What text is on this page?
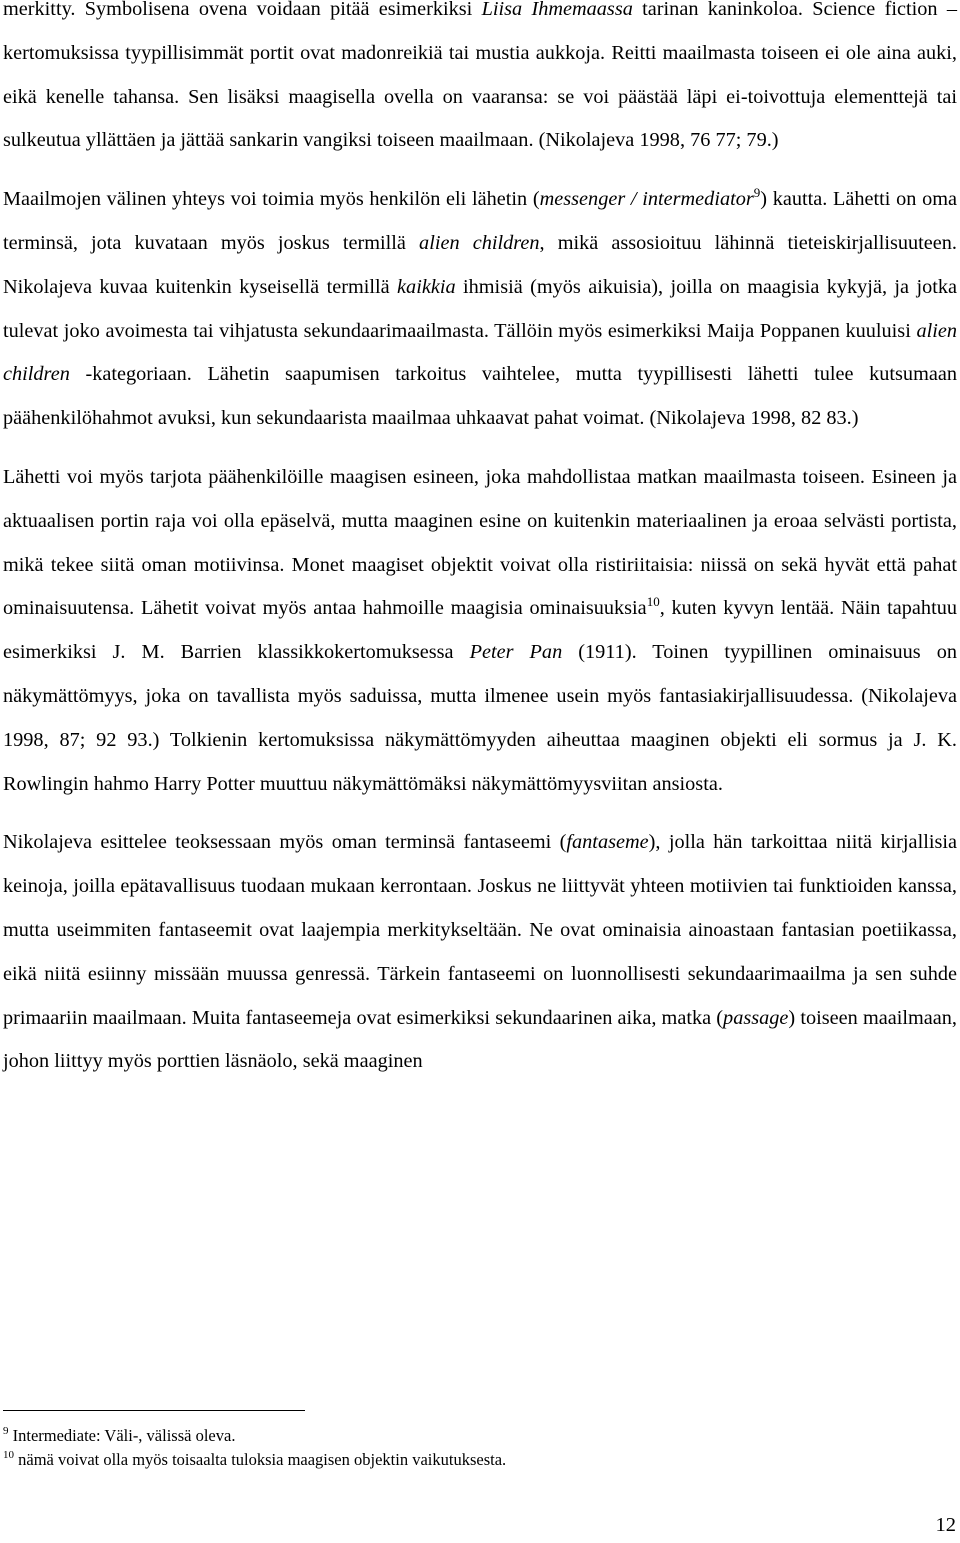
merkitty. Symbolisena ovena voidaan pitää esimerkiksi Liisa Ihmemaassa tarinan kaninkoloa. Science fiction – kertomuksissa tyypillisimmät portit ovat madonreikiä tai mustia aukkoja. Reitti maailmasta toiseen ei ole aina auki, eikä kenelle tahansa. Sen lisäksi maagisella ovella on vaaransa: se voi päästää läpi ei-toivottuja elementtejä tai sulkeutua yllättäen ja jättää sankarin vangiksi toiseen maailmaan. (Nikolajeva 1998, 76 77; 79.)

Maailmojen välinen yhteys voi toimia myös henkilön eli lähetin (messenger / intermediator$^9$) kautta. Lähetti on oma terminsä, jota kuvataan myös joskus termillä alien children, mikä assosioituu lähinnä tieteiskirjallisuuteen. Nikolajeva kuvaa kuitenkin kyseisellä termillä kaikkia ihmisiä (myös aikuisia), joilla on maagisia kykyjä, ja jotka tulevat joko avoimesta tai vihjatusta sekundaarimaailmasta. Tällöin myös esimerkiksi Maija Poppanen kuuluisi alien children -kategoriaan. Lähetin saapumisen tarkoitus vaihtelee, mutta tyypillisesti lähetti tulee kutsumaan päähenkilöhahmot avuksi, kun sekundaarista maailmaa uhkaavat pahat voimat. (Nikolajeva 1998, 82 83.)

Lähetti voi myös tarjota päähenkilöille maagisen esineen, joka mahdollistaa matkan maailmasta toiseen. Esineen ja aktuaalisen portin raja voi olla epäselvä, mutta maaginen esine on kuitenkin materiaalinen ja eroaa selvästi portista, mikä tekee siitä oman motiivinsa. Monet maagiset objektit voivat olla ristiriitaisia: niissä on sekä hyvät että pahat ominaisuutensa. Lähetit voivat myös antaa hahmoille maagisia ominaisuuksia$^{10}$, kuten kyvyn lentää. Näin tapahtuu esimerkiksi J. M. Barrien klassikkokertomuksessa Peter Pan (1911). Toinen tyypillinen ominaisuus on näkymättömyys, joka on tavallista myös saduissa, mutta ilmenee usein myös fantasiakirjallisuudessa. (Nikolajeva 1998, 87; 92 93.) Tolkienin kertomuksissa näkymättömyyden aiheuttaa maaginen objekti eli sormus ja J. K. Rowlingin hahmo Harry Potter muuttuu näkymättömäksi näkymättömyysviitan ansiosta.

Nikolajeva esittelee teoksessaan myös oman terminsä fantaseemi (fantaseme), jolla hän tarkoittaa niitä kirjallisia keinoja, joilla epätavallisuus tuodaan mukaan kerrontaan. Joskus ne liittyvät yhteen motiivien tai funktioiden kanssa, mutta useimmiten fantaseemit ovat laajempia merkitykseltään. Ne ovat ominaisia ainoastaan fantasian poetiikassa, eikä niitä esiinny missään muussa genressä. Tärkein fantaseemi on luonnollisesti sekundaarimaailma ja sen suhde primaariin maailmaan. Muita fantaseemeja ovat esimerkiksi sekundaarinen aika, matka (passage) toiseen maailmaan, johon liittyy myös porttien läsnäolo, sekä maaginen

$^9$ Intermediate: Väli-, välissä oleva.

$^{10}$ nämä voivat olla myös toisaalta tuloksia maagisen objektin vaikutuksesta.

12
